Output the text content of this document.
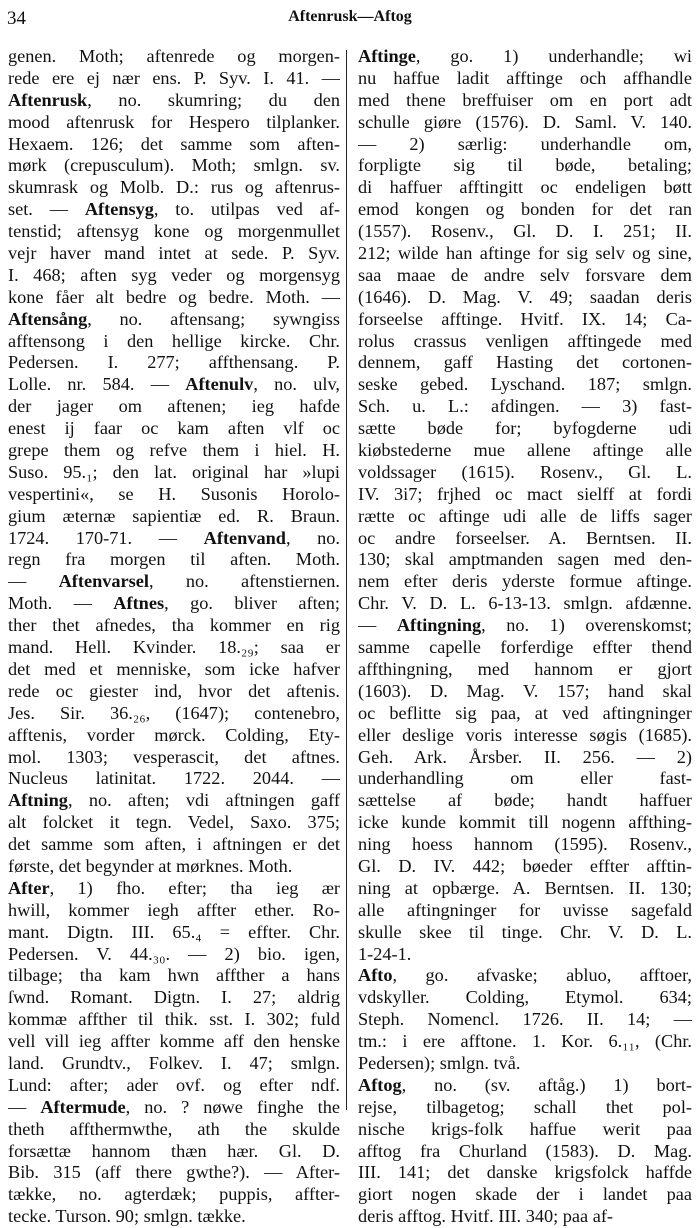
34	Aftenrusk—Aftog
genen. Moth; aftenrede og morgen-
rede ere ej nær ens. P. Syv. I. 41. —
Aftenrusk, no. skumring; du den
mood aftenrusk for Hespero tilplanker.
Hexaem. 126; det samme som aften-
mørk (crepusculum). Moth; smlgn. sv.
skumrask og Molb. D.: rus og aftenrus-
set. — Aftensyg, to. utilpas ved af-
tenstid; aftensyg kone og morgenmullet
vejr haver mand intet at sede. P. Syv.
I. 468; aften syg veder og morgensyg
kone fåer alt bedre og bedre. Moth. —
Aftensång, no. aftensang; sywngiss
afftensong i den hellige kircke. Chr.
Pedersen. I. 277; affthensang. P.
Lolle. nr. 584. — Aftenulv, no. ulv,
der jager om aftenen; ieg hafde
enest ij faar oc kam aften vlf oc
grepe them og refve them i hiel. H.
Suso. 95.₁; den lat. original har »lupi
vespertini«, se H. Susonis Horolo-
gium æternæ sapientiæ ed. R. Braun.
1724. 170-71. — Aftenvand, no.
regn fra morgen til aften. Moth.
— Aftenvarsel, no. aftenstiernen.
Moth. — Aftnes, go. bliver aften;
ther thet afnedes, tha kommer en rig
mand. Hell. Kvinder. 18.₂₉; saa er
det med et menniske, som icke hafver
rede oc giester ind, hvor det aftenis.
Jes. Sir. 36.₂₆, (1647); contenebro,
afftenis, vorder mørck. Colding, Ety-
mol. 1303; vesperascit, det aftnes.
Nucleus latinitat. 1722. 2044. —
Aftning, no. aften; vdi aftningen gaff
alt folcket it tegn. Vedel, Saxo. 375;
det samme som aften, i aftningen er det
første, det begynder at mørknes. Moth.
After, 1) fho. efter; tha ieg ær
hwill, kommer iegh affter ether. Ro-
mant. Digtn. III. 65.₄ = effter. Chr.
Pedersen. V. 44.₃₀. — 2) bio. igen,
tilbage; tha kam hwn affther a hans
ſwnd. Romant. Digtn. I. 27; aldrig
kommæ affther til thik. sst. I. 302; fuld
vell vill ieg affter komme aff den henske
land. Grundtv., Folkev. I. 47; smlgn.
Lund: after; ader ovf. og efter ndf.
— Aftermude, no. ? nøwe finghe the
theth affthermwthe, ath the skulde
forsættæ hannom thæn hær. Gl. D.
Bib. 315 (aff there gwthe?). — After-
tække, no. agterdæk; puppis, affter-
tecke. Turson. 90; smlgn. tække.
Aftinge, go. 1) underhandle; wi
nu haffue ladit afftinge och affhandle
med thene breffuiser om en port adt
schulle giøre (1576). D. Saml. V. 140.
— 2) særlig: underhandle om,
forpligte sig til bøde, betaling;
di haffuer afftingitt oc endeligen bøtt
emod kongen og bonden for det ran
(1557). Rosenv., Gl. D. I. 251; II.
212; wilde han aftinge for sig selv og sine,
saa maae de andre selv forsvare dem
(1646). D. Mag. V. 49; saadan deris
forseelse afftinge. Hvitf. IX. 14; Ca-
rolus crassus venligen afftingede med
dennem, gaff Hasting det cortonen-
seske gebed. Lyschand. 187; smlgn.
Sch. u. L.: afdingen. — 3) fast-
sætte bøde for; byfogderne udi
kiøbstederne mue allene aftinge alle
voldssager (1615). Rosenv., Gl. L.
IV. 3i7; frjhed oc mact sielff at fordi
rætte oc aftinge udi alle de liffs sager
oc andre forseelser. A. Berntsen. II.
130; skal amptmanden sagen med den-
nem efter deris yderste formue aftinge.
Chr. V. D. L. 6-13-13. smlgn. afdænne.
— Aftingning, no. 1) overenskomst;
samme capelle forferdige effter thend
affthingning, med hannom er gjort
(1603). D. Mag. V. 157; hand skal
oc beflitte sig paa, at ved aftingninger
eller deslige voris interesse søgis (1685).
Geh. Ark. Årsber. II. 256. — 2)
underhandling om eller fast-
sættelse af bøde; handt haffuer
icke kunde kommit till nogenn affthing-
ning hoess hannom (1595). Rosenv.,
Gl. D. IV. 442; bøeder effter afftin-
ning at opbærge. A. Berntsen. II. 130;
alle aftingninger for uvisse sagefald
skulle skee til tinge. Chr. V. D. L.
1-24-1.
Afto, go. afvaske; abluo, afftoer,
vdskyller. Colding, Etymol. 634;
Steph. Nomencl. 1726. II. 14; —
tm.: i ere afftone. 1. Kor. 6.₁₁, (Chr.
Pedersen); smlgn. två.
Aftog, no. (sv. aftåg.) 1) bort-
rejse, tilbagetog; schall thet pol-
nische krigs-folk haffue werit paa
afftog fra Churland (1583). D. Mag.
III. 141; det danske krigsfolck haffde
giort nogen skade der i landet paa
deris afftog. Hvitf. III. 340; paa af-
